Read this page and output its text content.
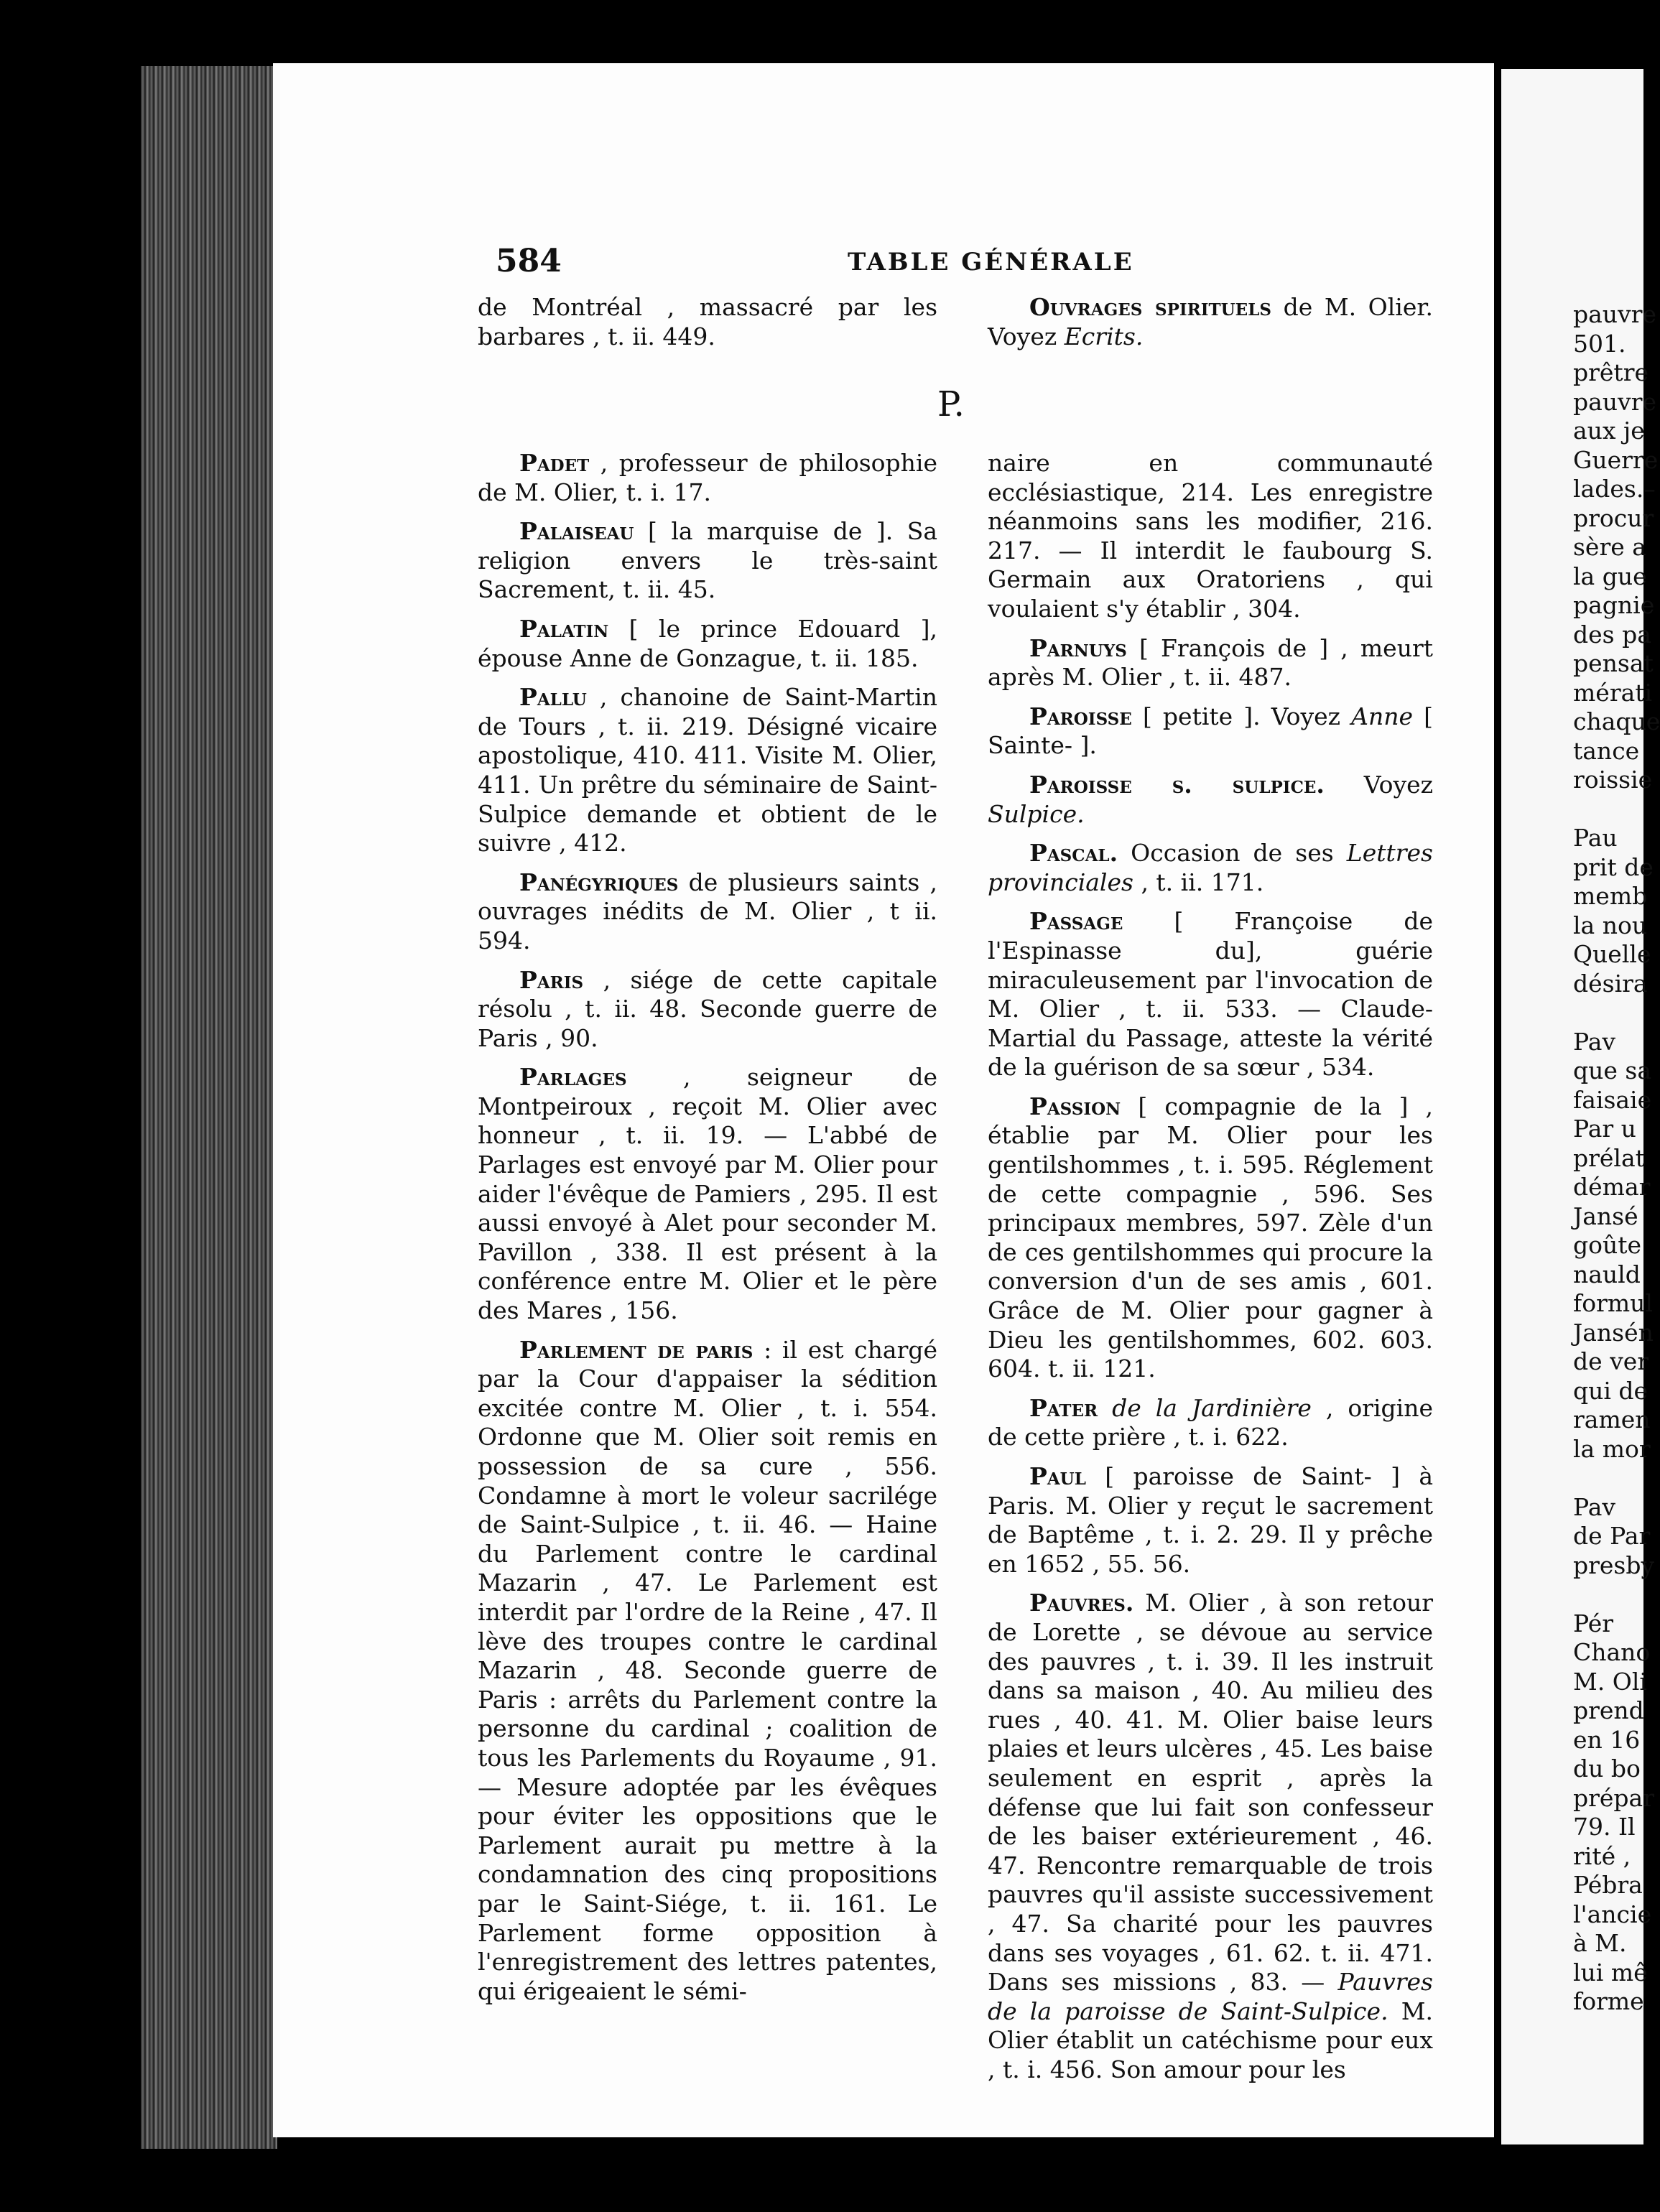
584	TABLE GÉNÉRALE

de Montréal , massacré par les barbares , t. ii. 449.

Ouvrages spirituels de M. Olier. Voyez Ecrits.

P.

Padet , professeur de philosophie de M. Olier, t. i. 17.

Palaiseau [ la marquise de ]. Sa religion envers le très-saint Sacrement, t. ii. 45.

Palatin [ le prince Edouard ], épouse Anne de Gonzague, t. ii. 185.

Pallu , chanoine de Saint-Martin de Tours , t. ii. 219. Désigné vicaire apostolique, 410. 411. Visite M. Olier, 411. Un prêtre du séminaire de Saint-Sulpice demande et obtient de le suivre , 412.

Panégyriques de plusieurs saints , ouvrages inédits de M. Olier , t ii. 594.

Paris , siége de cette capitale résolu , t. ii. 48. Seconde guerre de Paris , 90.

Parlages , seigneur de Montpeiroux , reçoit M. Olier avec honneur , t. ii. 19. — L'abbé de Parlages est envoyé par M. Olier pour aider l'évêque de Pamiers , 295. Il est aussi envoyé à Alet pour seconder M. Pavillon , 338. Il est présent à la conférence entre M. Olier et le père des Mares , 156.

Parlement de paris : il est chargé par la Cour d'appaiser la sédition excitée contre M. Olier , t. i. 554. Ordonne que M. Olier soit remis en possession de sa cure , 556. Condamne à mort le voleur sacrilége de Saint-Sulpice , t. ii. 46. — Haine du Parlement contre le cardinal Mazarin , 47. Le Parlement est interdit par l'ordre de la Reine , 47. Il lève des troupes contre le cardinal Mazarin , 48. Seconde guerre de Paris : arrêts du Parlement contre la personne du cardinal ; coalition de tous les Parlements du Royaume , 91. — Mesure adoptée par les évêques pour éviter les oppositions que le Parlement aurait pu mettre à la condamnation des cinq propositions par le Saint-Siége, t. ii. 161. Le Parlement forme opposition à l'enregistrement des lettres patentes, qui érigeaient le sémi-

naire en communauté ecclésiastique, 214. Les enregistre néanmoins sans les modifier, 216. 217. — Il interdit le faubourg S. Germain aux Oratoriens , qui voulaient s'y établir , 304.

Parnuys [ François de ] , meurt après M. Olier , t. ii. 487.

Paroisse [ petite ]. Voyez Anne [ Sainte- ].

Paroisse s. sulpice. Voyez Sulpice.

Pascal. Occasion de ses Lettres provinciales , t. ii. 171.

Passage [ Françoise de l'Espinasse du], guérie miraculeusement par l'invocation de M. Olier , t. ii. 533. — Claude-Martial du Passage, atteste la vérité de la guérison de sa sœur , 534.

Passion [ compagnie de la ] , établie par M. Olier pour les gentilshommes , t. i. 595. Réglement de cette compagnie , 596. Ses principaux membres, 597. Zèle d'un de ces gentilshommes qui procure la conversion d'un de ses amis , 601. Grâce de M. Olier pour gagner à Dieu les gentilshommes, 602. 603. 604. t. ii. 121.

Pater de la Jardinière , origine de cette prière , t. i. 622.

Paul [ paroisse de Saint- ] à Paris. M. Olier y reçut le sacrement de Baptême , t. i. 2. 29. Il y prêche en 1652 , 55. 56.

Pauvres. M. Olier , à son retour de Lorette , se dévoue au service des pauvres , t. i. 39. Il les instruit dans sa maison , 40. Au milieu des rues , 40. 41. M. Olier baise leurs plaies et leurs ulcères , 45. Les baise seulement en esprit , après la défense que lui fait son confesseur de les baiser extérieurement , 46. 47. Rencontre remarquable de trois pauvres qu'il assiste successivement , 47. Sa charité pour les pauvres dans ses voyages , 61. 62. t. ii. 471. Dans ses missions , 83. — Pauvres de la paroisse de Saint-Sulpice. M. Olier établit un catéchisme pour eux , t. i. 456. Son amour pour les

pauvre
501.
prêtre
pauvre
aux je
Guerre
lades.–
procur
sère a
la gue
pagnie
des pa
pensat
mérati
chaque
tance
roissie
Pau
prit de
memb
la nou
Quelle
désira
Pav
que sa
faisaie
Par u
prélat
démar
Jansé
goûte
nauld
formul
Jansén
de ver
qui de
ramen
la mor
Pav
de Par
presby
Pér
Chano
M. Oli
prend
en 16
du bo
prépar
79. Il
rité ,
Pébra
l'ancie
à M.
lui mê
forme
